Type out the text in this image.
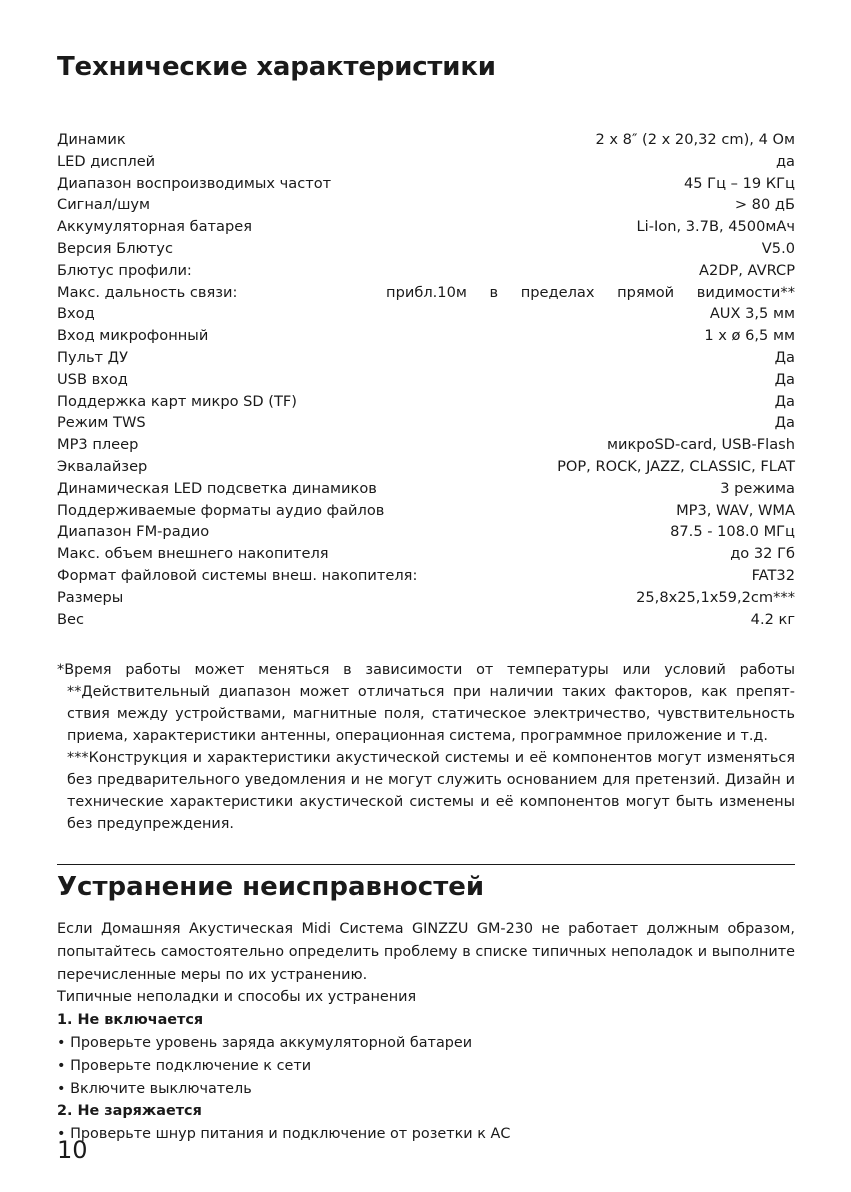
Технические характеристики
Динамик	2 x 8″ (2 x 20,32 cm), 4 Ом
LED дисплей	да
Диапазон воспроизводимых частот	45 Гц – 19 КГц
Сигнал/шум	> 80 дБ
Аккумуляторная батарея	Li-Ion, 3.7В, 4500мАч
Версия Блютус	V5.0
Блютус профили:	A2DP, AVRCP
Макс. дальность связи:	прибл.10м в пределах прямой видимости**
Вход	AUX 3,5 мм
Вход микрофонный	1 х ø 6,5 мм
Пульт ДУ	Да
USB вход	Да
Поддержка карт микро SD (TF)	Да
Режим TWS	Да
МР3 плеер	микроSD-card, USB-Flash
Эквалайзер	POP, ROCK, JAZZ, CLASSIC, FLAT
Динамическая LED подсветка динамиков	3 режима
Поддерживаемые форматы аудио файлов	MP3, WAV, WMA
Диапазон FM-радио	87.5 - 108.0 МГц
Макс. объем внешнего накопителя	до 32 Гб
Формат файловой системы внеш. накопителя:	FAT32
Размеры	25,8x25,1x59,2cm***
Вес	4.2 кг

*Время работы может меняться в зависимости от температуры или условий работы

**Действительный диапазон может отличаться при наличии таких факторов, как препятствия между устройствами, магнитные поля, статическое электричество, чувствительность приема, характеристики антенны, операционная система, программное приложение и т.д.

***Конструкция и характеристики акустической системы и её компонентов могут изменяться без предварительного уведомления и не могут служить основанием для претензий. Дизайн и технические характеристики акустической системы и её компонентов могут быть изменены без предупреждения.

Устранение неисправностей

Если Домашняя Акустическая Midi Система GINZZU GM-230 не работает должным образом, попытайтесь самостоятельно определить проблему в списке типичных неполадок и выполните перечисленные меры по их устранению.

Типичные неполадки и способы их устранения

1. Не включается

• Проверьте уровень заряда аккумуляторной батареи

• Проверьте подключение к сети

• Включите выключатель

2. Не заряжается

• Проверьте шнур питания и подключение от розетки к АС

10
